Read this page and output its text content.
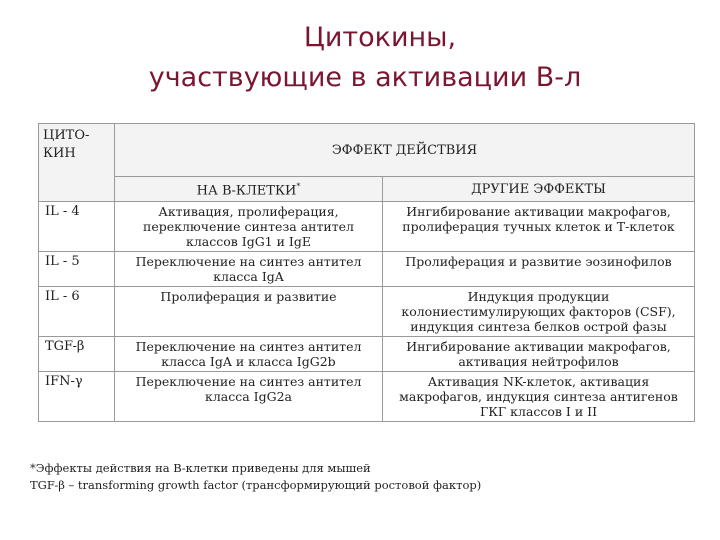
Цитокины,
участвующие в активации В-л
ЦИТО-КИН	ЭФФЕКТ ДЕЙСТВИЯ	
	НА В-КЛЕТКИ*	ДРУГИЕ ЭФФЕКТЫ
IL - 4	Активация, пролиферация, переключение синтеза антител классов IgG1 и IgE	Ингибирование активации макрофагов, пролиферация тучных клеток и Т-клеток
IL - 5	Переключение на синтез антител класса IgA	Пролиферация и развитие эозинофилов
IL - 6	Пролиферация и развитие	Индукция продукции колониестимулирующих факторов (CSF), индукция синтеза белков острой фазы
TGF-β	Переключение на синтез антител класса IgA и класса IgG2b	Ингибирование активации макрофагов, активация нейтрофилов
IFN-γ	Переключение на синтез антител класса IgG2a	Активация NK-клеток, активация макрофагов, индукция синтеза антигенов ГКГ классов I и II
*Эффекты действия на В-клетки приведены для мышей
TGF-β – transforming growth factor (трансформирующий ростовой фактор)
